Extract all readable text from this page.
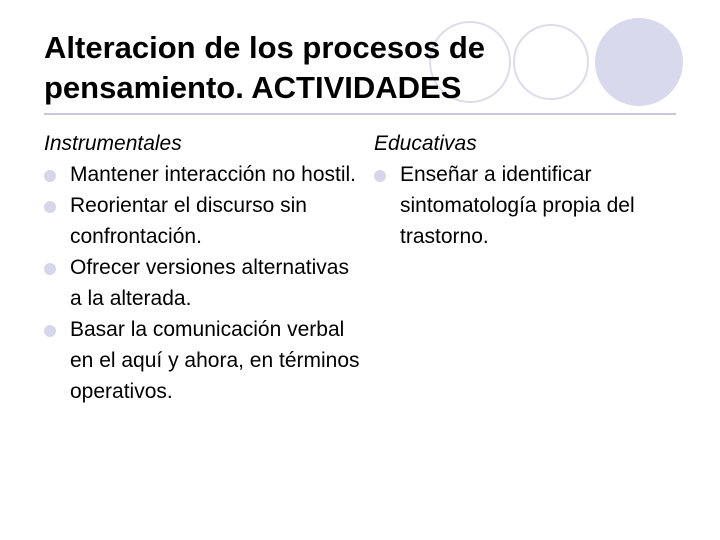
Alteracion de los procesos de pensamiento. ACTIVIDADES

Instrumentales

Mantener interacción no hostil.
Reorientar el discurso sin confrontación.
Ofrecer versiones alternativas a la alterada.
Basar la comunicación verbal en el aquí y ahora, en términos operativos.

Educativas

Enseñar a identificar sintomatología propia del trastorno.
